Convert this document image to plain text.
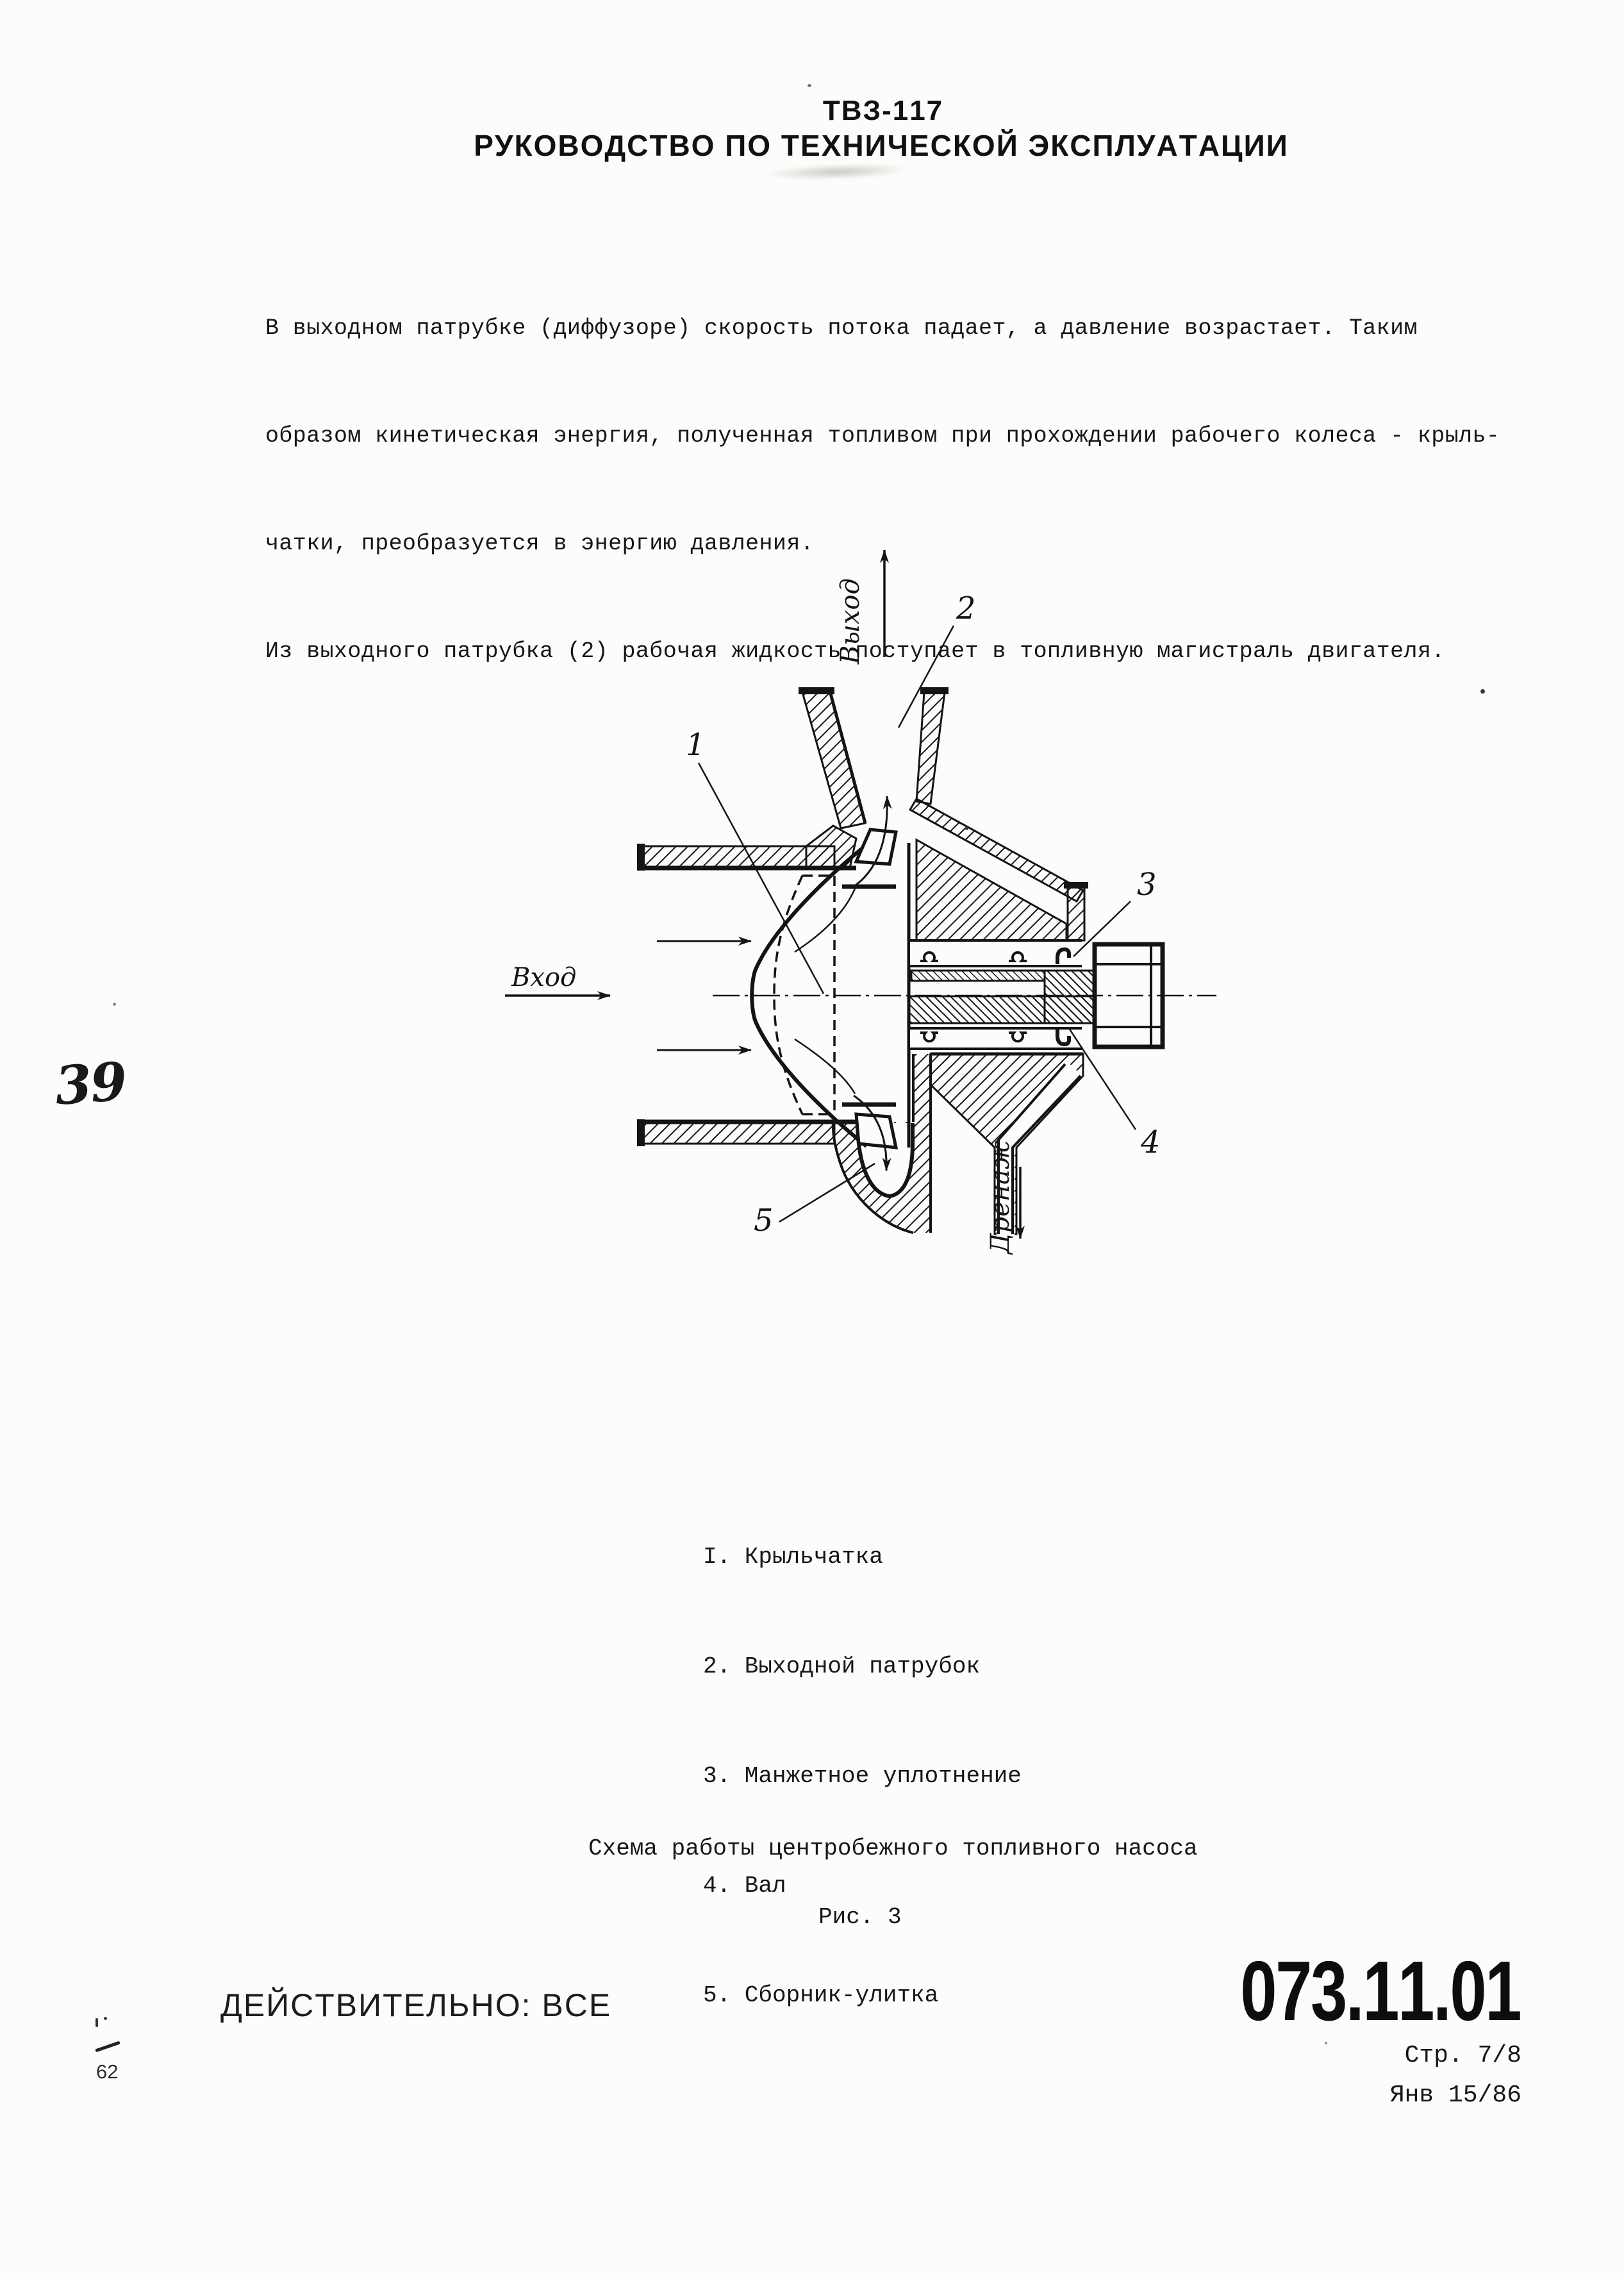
ТВЗ-117
РУКОВОДСТВО ПО ТЕХНИЧЕСКОЙ ЭКСПЛУАТАЦИИ

В выходном патрубке (диффузоре) скорость потока падает, а давление возрастает. Таким

образом кинетическая энергия, полученная топливом при прохождении рабочего колеса - крыль-

чатки, преобразуется в энергию давления.

Из выходного патрубка (2) рабочая жидкость поступает в топливную магистраль двигателя.

Вход
Выход
Дренаж
1
2
3
4
5

I. Крыльчатка

2. Выходной патрубок

3. Манжетное уплотнение

4. Вал

5. Сборник-улитка

Схема работы центробежного топливного насоса
Рис. 3
ДЕЙСТВИТЕЛЬНО: ВСЕ	073.11.01
Стр. 7/8
Янв 15/86
39
62
